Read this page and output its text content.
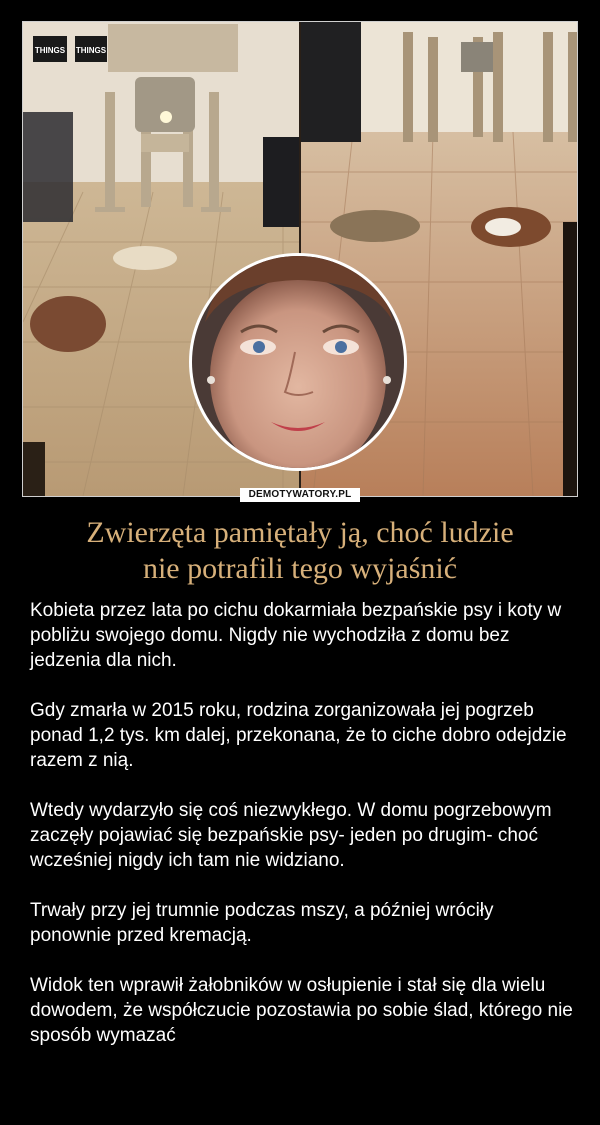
THINGS THINGS
DEMOTYWATORY.PL
Zwierzęta pamiętały ją, choć ludzie
nie potrafili tego wyjaśnić

Kobieta przez lata po cichu dokarmiała bezpańskie psy i koty w pobliżu swojego domu. Nigdy nie wychodziła z domu bez jedzenia dla nich.

Gdy zmarła w 2015 roku, rodzina zorganizowała jej pogrzeb ponad 1,2 tys. km dalej, przekonana, że to ciche dobro odejdzie razem z nią.

Wtedy wydarzyło się coś niezwykłego. W domu pogrzebowym zaczęły pojawiać się bezpańskie psy- jeden po drugim- choć wcześniej nigdy ich tam nie widziano.

Trwały przy jej trumnie podczas mszy, a później wróciły ponownie przed kremacją.

Widok ten wprawił żałobników w osłupienie i stał się dla wielu dowodem, że współczucie pozostawia po sobie ślad, którego nie sposób wymazać
